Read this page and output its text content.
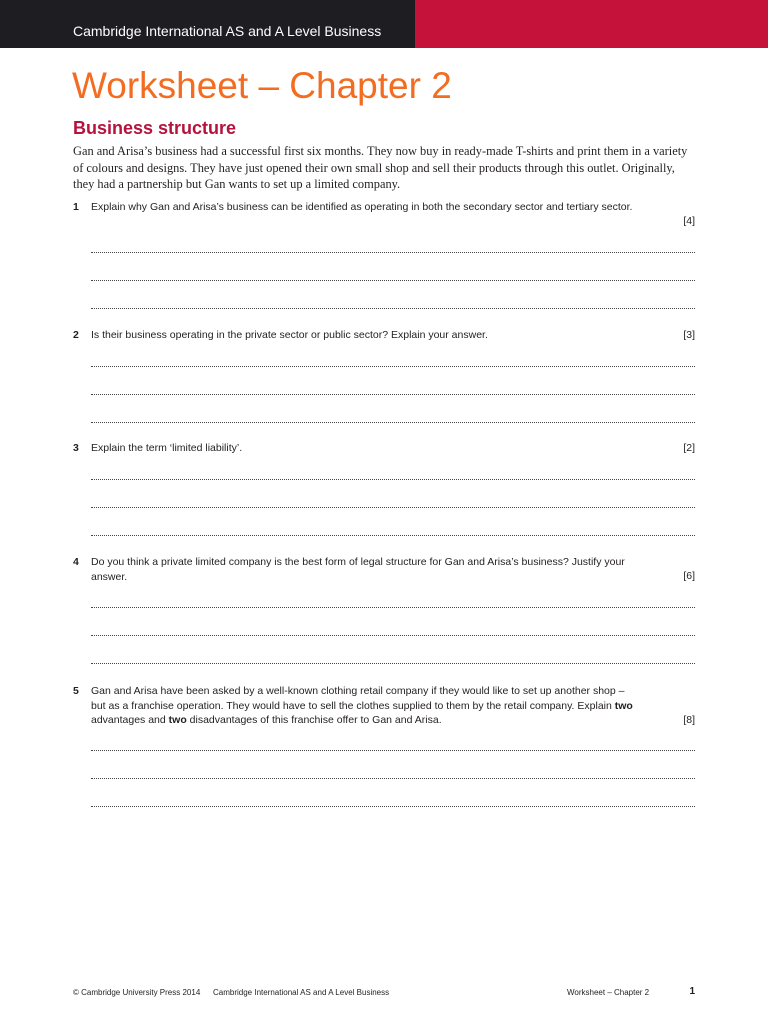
Cambridge International AS and A Level Business
Worksheet – Chapter 2
Business structure

Gan and Arisa’s business had a successful first six months. They now buy in ready-made T-shirts and print them in a variety of colours and designs. They have just opened their own small shop and sell their products through this outlet. Originally, they had a partnership but Gan wants to set up a limited company.

1 Explain why Gan and Arisa’s business can be identified as operating in both the secondary sector and tertiary sector.
[4]
2 Is their business operating in the private sector or public sector? Explain your answer.	[3]
3 Explain the term ‘limited liability’.	[2]
4 Do you think a private limited company is the best form of legal structure for Gan and Arisa’s business? Justify your answer.	[6]
5 Gan and Arisa have been asked by a well-known clothing retail company if they would like to set up another shop – but as a franchise operation. They would have to sell the clothes supplied to them by the retail company. Explain two advantages and two disadvantages of this franchise offer to Gan and Arisa.	[8]
© Cambridge University Press 2014 Cambridge International AS and A Level Business	Worksheet – Chapter 2	1
